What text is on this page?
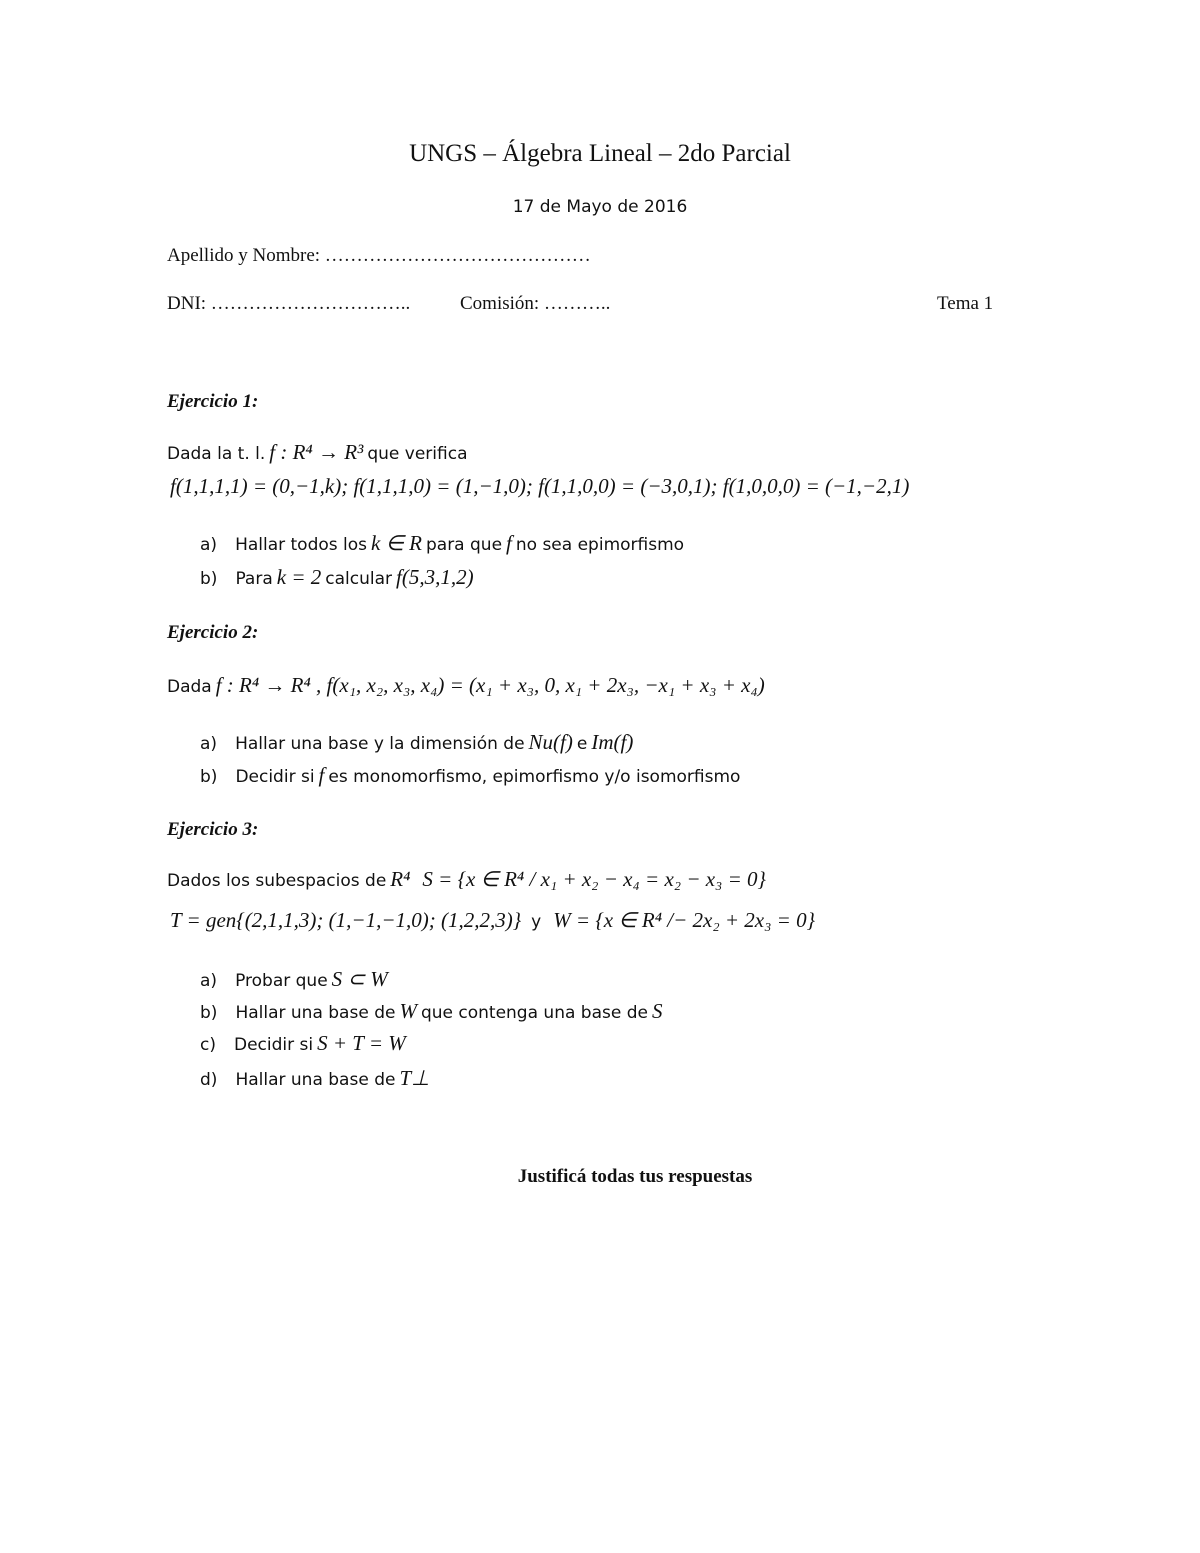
UNGS – Álgebra Lineal – 2do Parcial
17 de Mayo de 2016
Apellido y Nombre: ……………………………………
DNI: …………………………..	Comisión: ………..	Tema 1
Ejercicio 1:
Dada la t. l. f : R⁴ → R³ que verifica
f(1,1,1,1) = (0,−1,k); f(1,1,1,0) = (1,−1,0); f(1,1,0,0) = (−3,0,1); f(1,0,0,0) = (−1,−2,1)
a) Hallar todos los k ∈ R para que f no sea epimorfismo
b) Para k = 2 calcular f(5,3,1,2)
Ejercicio 2:
Dada f : R⁴ → R⁴ , f(x₁, x₂, x₃, x₄) = (x₁ + x₃, 0, x₁ + 2x₃, −x₁ + x₃ + x₄)
a) Hallar una base y la dimensión de Nu(f) e Im(f)
b) Decidir si f es monomorfismo, epimorfismo y/o isomorfismo
Ejercicio 3:
Dados los subespacios de R⁴ S = {x ∈ R⁴ / x₁ + x₂ − x₄ = x₂ − x₃ = 0}
T = gen{(2,1,1,3); (1,−1,−1,0); (1,2,2,3)} y W = {x ∈ R⁴ /− 2x₂ + 2x₃ = 0}
a) Probar que S ⊂ W
b) Hallar una base de W que contenga una base de S
c) Decidir si S + T = W
d) Hallar una base de T⊥
Justificá todas tus respuestas
